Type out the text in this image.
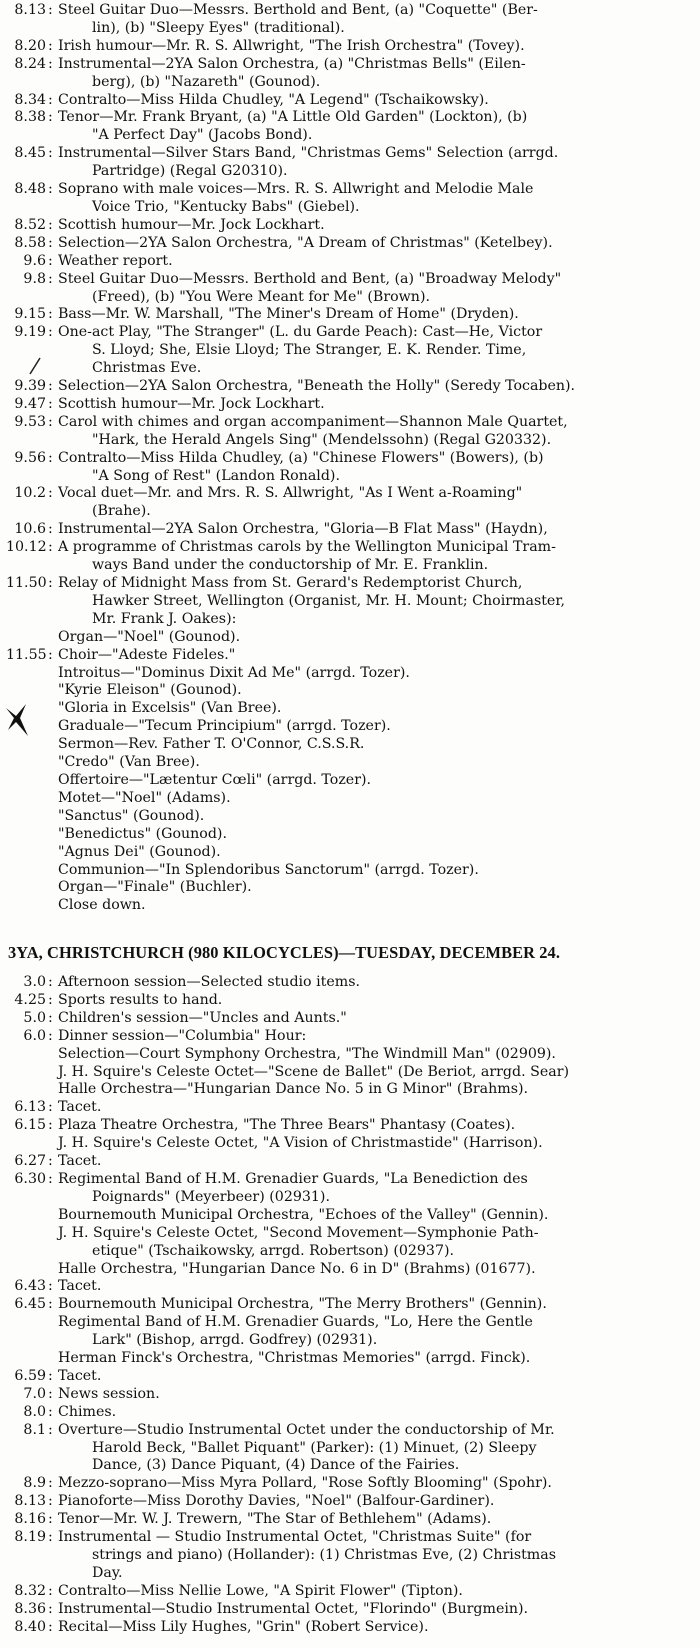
8.13 : Steel Guitar Duo—Messrs. Berthold and Bent, (a) "Coquette" (Ber-
lin), (b) "Sleepy Eyes" (traditional).
8.20 : Irish humour—Mr. R. S. Allwright, "The Irish Orchestra" (Tovey).
8.24 : Instrumental—2YA Salon Orchestra, (a) "Christmas Bells" (Eilen-
berg), (b) "Nazareth" (Gounod).
8.34 : Contralto—Miss Hilda Chudley, "A Legend" (Tschaikowsky).
8.38 : Tenor—Mr. Frank Bryant, (a) "A Little Old Garden" (Lockton), (b)
"A Perfect Day" (Jacobs Bond).
8.45 : Instrumental—Silver Stars Band, "Christmas Gems" Selection (arrgd.
Partridge) (Regal G20310).
8.48 : Soprano with male voices—Mrs. R. S. Allwright and Melodie Male
Voice Trio, "Kentucky Babs" (Giebel).
8.52 : Scottish humour—Mr. Jock Lockhart.
8.58 : Selection—2YA Salon Orchestra, "A Dream of Christmas" (Ketelbey).
9.6 : Weather report.
9.8 : Steel Guitar Duo—Messrs. Berthold and Bent, (a) "Broadway Melody"
(Freed), (b) "You Were Meant for Me" (Brown).
9.15 : Bass—Mr. W. Marshall, "The Miner's Dream of Home" (Dryden).
9.19 : One-act Play, "The Stranger" (L. du Garde Peach): Cast—He, Victor
S. Lloyd; She, Elsie Lloyd; The Stranger, E. K. Render. Time,
Christmas Eve.
9.39 : Selection—2YA Salon Orchestra, "Beneath the Holly" (Seredy Tocaben).
9.47 : Scottish humour—Mr. Jock Lockhart.
9.53 : Carol with chimes and organ accompaniment—Shannon Male Quartet,
"Hark, the Herald Angels Sing" (Mendelssohn) (Regal G20332).
9.56 : Contralto—Miss Hilda Chudley, (a) "Chinese Flowers" (Bowers), (b)
"A Song of Rest" (Landon Ronald).
10.2 : Vocal duet—Mr. and Mrs. R. S. Allwright, "As I Went a-Roaming"
(Brahe).
10.6 : Instrumental—2YA Salon Orchestra, "Gloria—B Flat Mass" (Haydn),
10.12 : A programme of Christmas carols by the Wellington Municipal Tram-
ways Band under the conductorship of Mr. E. Franklin.
11.50 : Relay of Midnight Mass from St. Gerard's Redemptorist Church,
Hawker Street, Wellington (Organist, Mr. H. Mount; Choirmaster,
Mr. Frank J. Oakes):
Organ—"Noel" (Gounod).
11.55 : Choir—"Adeste Fideles."
Introitus—"Dominus Dixit Ad Me" (arrgd. Tozer).
"Kyrie Eleison" (Gounod).
"Gloria in Excelsis" (Van Bree).
Graduale—"Tecum Principium" (arrgd. Tozer).
Sermon—Rev. Father T. O'Connor, C.S.S.R.
"Credo" (Van Bree).
Offertoire—"Lætentur Cœli" (arrgd. Tozer).
Motet—"Noel" (Adams).
"Sanctus" (Gounod).
"Benedictus" (Gounod).
"Agnus Dei" (Gounod).
Communion—"In Splendoribus Sanctorum" (arrgd. Tozer).
Organ—"Finale" (Buchler).
Close down.
3YA, CHRISTCHURCH (980 KILOCYCLES)—TUESDAY, DECEMBER 24.
3.0 : Afternoon session—Selected studio items.
4.25 : Sports results to hand.
5.0 : Children's session—"Uncles and Aunts."
6.0 : Dinner session—"Columbia" Hour:
Selection—Court Symphony Orchestra, "The Windmill Man" (02909).
J. H. Squire's Celeste Octet—"Scene de Ballet" (De Beriot, arrgd. Sear)
Halle Orchestra—"Hungarian Dance No. 5 in G Minor" (Brahms).
6.13 : Tacet.
6.15 : Plaza Theatre Orchestra, "The Three Bears" Phantasy (Coates).
J. H. Squire's Celeste Octet, "A Vision of Christmastide" (Harrison).
6.27 : Tacet.
6.30 : Regimental Band of H.M. Grenadier Guards, "La Benediction des
Poignards" (Meyerbeer) (02931).
Bournemouth Municipal Orchestra, "Echoes of the Valley" (Gennin).
J. H. Squire's Celeste Octet, "Second Movement—Symphonie Path-
etique" (Tschaikowsky, arrgd. Robertson) (02937).
Halle Orchestra, "Hungarian Dance No. 6 in D" (Brahms) (01677).
6.43 : Tacet.
6.45 : Bournemouth Municipal Orchestra, "The Merry Brothers" (Gennin).
Regimental Band of H.M. Grenadier Guards, "Lo, Here the Gentle
Lark" (Bishop, arrgd. Godfrey) (02931).
Herman Finck's Orchestra, "Christmas Memories" (arrgd. Finck).
6.59 : Tacet.
7.0 : News session.
8.0 : Chimes.
8.1 : Overture—Studio Instrumental Octet under the conductorship of Mr.
Harold Beck, "Ballet Piquant" (Parker): (1) Minuet, (2) Sleepy
Dance, (3) Dance Piquant, (4) Dance of the Fairies.
8.9 : Mezzo-soprano—Miss Myra Pollard, "Rose Softly Blooming" (Spohr).
8.13 : Pianoforte—Miss Dorothy Davies, "Noel" (Balfour-Gardiner).
8.16 : Tenor—Mr. W. J. Trewern, "The Star of Bethlehem" (Adams).
8.19 : Instrumental — Studio Instrumental Octet, "Christmas Suite" (for
strings and piano) (Hollander): (1) Christmas Eve, (2) Christmas
Day.
8.32 : Contralto—Miss Nellie Lowe, "A Spirit Flower" (Tipton).
8.36 : Instrumental—Studio Instrumental Octet, "Florindo" (Burgmein).
8.40 : Recital—Miss Lily Hughes, "Grin" (Robert Service).
